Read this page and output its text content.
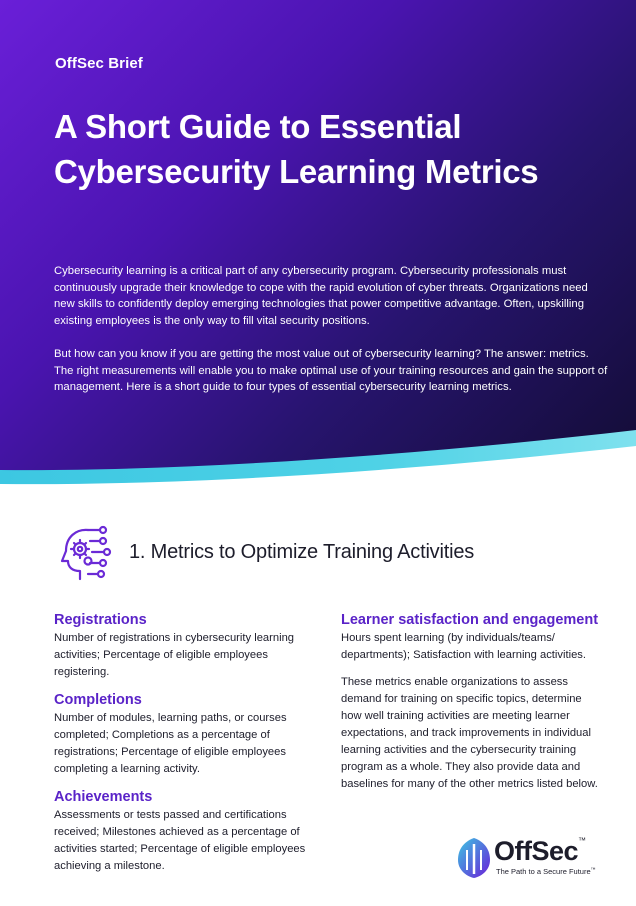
OffSec Brief
A Short Guide to Essential Cybersecurity Learning Metrics

Cybersecurity learning is a critical part of any cybersecurity program. Cybersecurity professionals must continuously upgrade their knowledge to cope with the rapid evolution of cyber threats. Organizations need new skills to confidently deploy emerging technologies that power competitive advantage. Often, upskilling existing employees is the only way to fill vital security positions.

But how can you know if you are getting the most value out of cybersecurity learning? The answer: metrics. The right measurements will enable you to make optimal use of your training resources and gain the support of management. Here is a short guide to four types of essential cybersecurity learning metrics.

1. Metrics to Optimize Training Activities
Registrations

Number of registrations in cybersecurity learning activities; Percentage of eligible employees registering.

Completions

Number of modules, learning paths, or courses completed; Completions as a percentage of registrations; Percentage of eligible employees completing a learning activity.

Achievements

Assessments or tests passed and certifications received; Milestones achieved as a percentage of activities started; Percentage of eligible employees achieving a milestone.

Learner satisfaction and engagement

Hours spent learning (by individuals/teams/ departments); Satisfaction with learning activities.

These metrics enable organizations to assess demand for training on specific topics, determine how well training activities are meeting learner expectations, and track improvements in individual learning activities and the cybersecurity training program as a whole. They also provide data and baselines for many of the other metrics listed below.

OffSec™
The Path to a Secure Future™
